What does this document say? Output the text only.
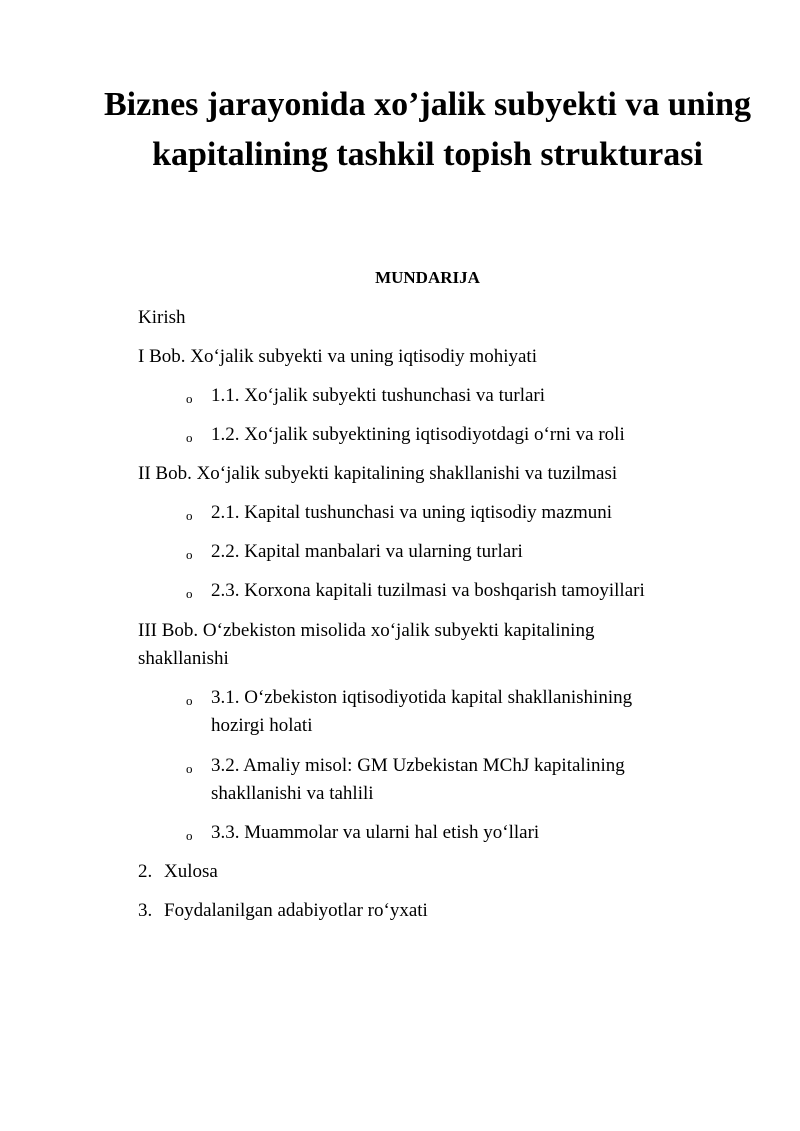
Biznes jarayonida xo’jalik subyekti va uning kapitalining tashkil topish strukturasi

MUNDARIJA

Kirish

I Bob. Xo‘jalik subyekti va uning iqtisodiy mohiyati

o 1.1. Xo‘jalik subyekti tushunchasi va turlari

o 1.2. Xo‘jalik subyektining iqtisodiyotdagi o‘rni va roli

II Bob. Xo‘jalik subyekti kapitalining shakllanishi va tuzilmasi

o 2.1. Kapital tushunchasi va uning iqtisodiy mazmuni

o 2.2. Kapital manbalari va ularning turlari

o 2.3. Korxona kapitali tuzilmasi va boshqarish tamoyillari

III Bob. O‘zbekiston misolida xo‘jalik subyekti kapitalining

shakllanishi

o 3.1. O‘zbekiston iqtisodiyotida kapital shakllanishining

hozirgi holati

o 3.2. Amaliy misol: GM Uzbekistan MChJ kapitalining

shakllanishi va tahlili

o 3.3. Muammolar va ularni hal etish yo‘llari

2. Xulosa
3. Foydalanilgan adabiyotlar ro‘yxati
